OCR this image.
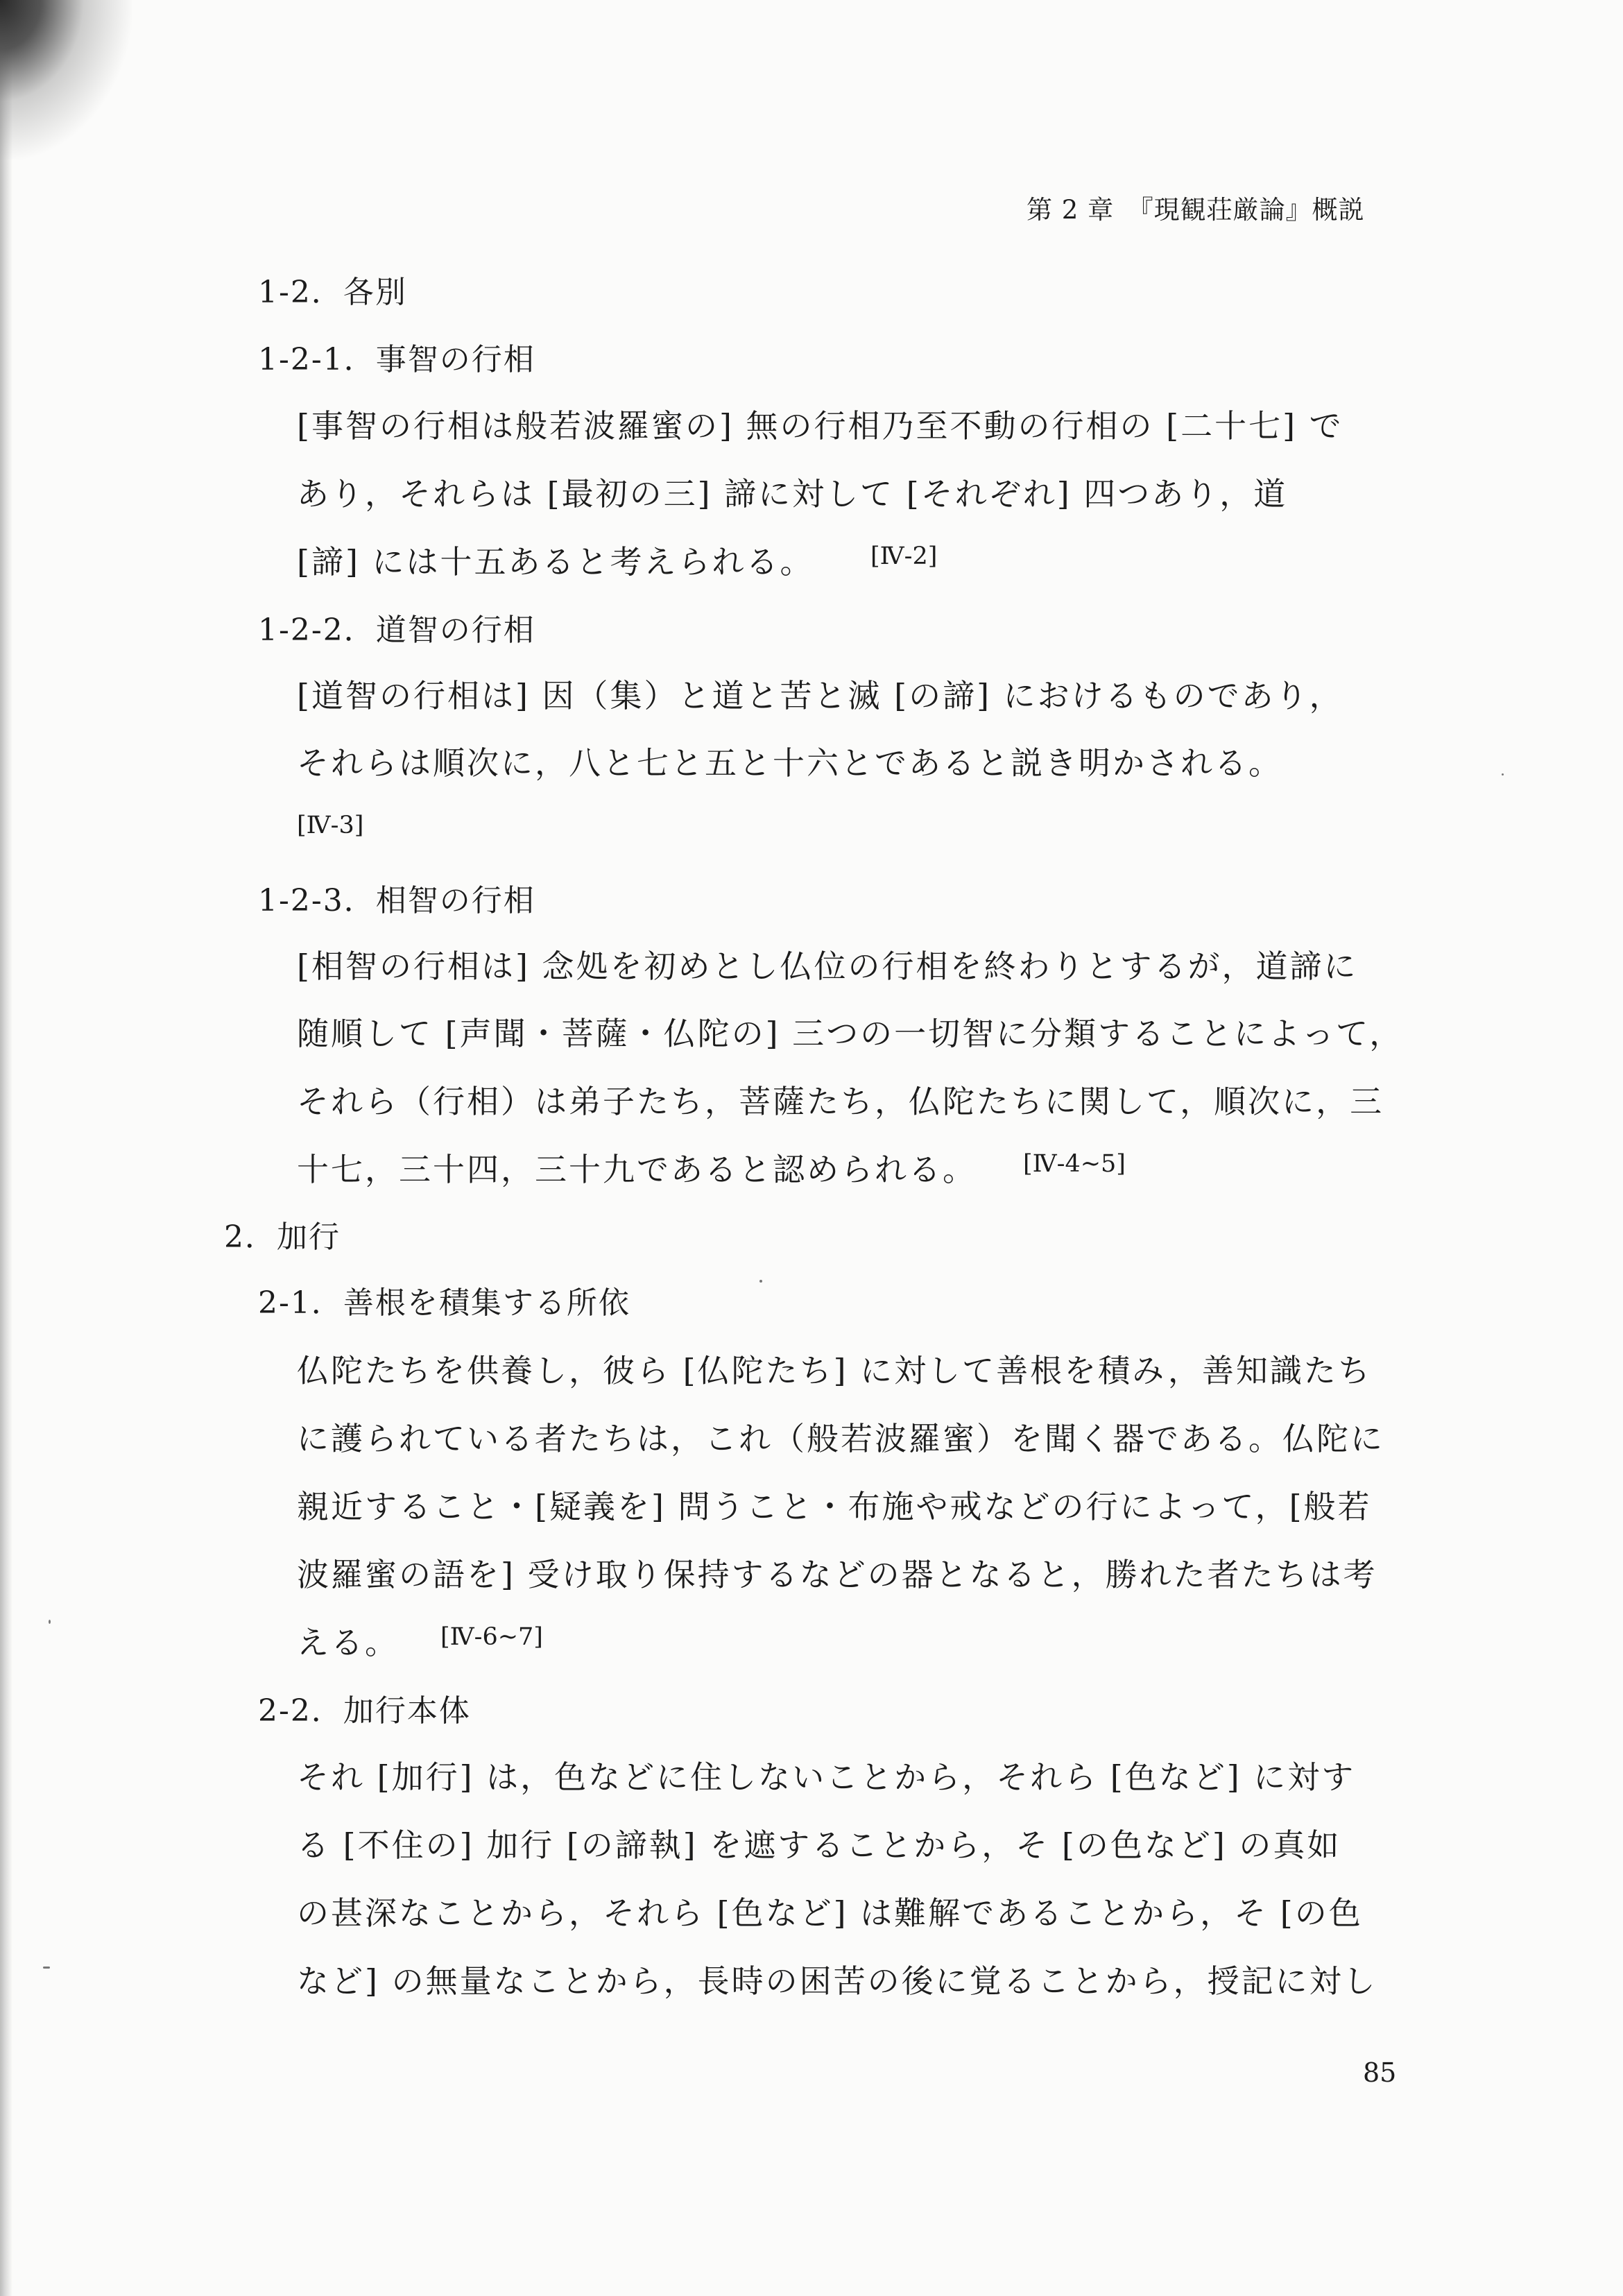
第 2 章　『現観荘厳論』概説
1-2．各別
1-2-1．事智の行相
[事智の行相は般若波羅蜜の] 無の行相乃至不動の行相の [二十七] で
あり，それらは [最初の三] 諦に対して [それぞれ] 四つあり，道
[諦] には十五あると考えられる。 [Ⅳ-2]
1-2-2．道智の行相
[道智の行相は] 因（集）と道と苦と滅 [の諦] におけるものであり，
それらは順次に，八と七と五と十六とであると説き明かされる。
[Ⅳ-3]
1-2-3．相智の行相
[相智の行相は] 念処を初めとし仏位の行相を終わりとするが，道諦に
随順して [声聞・菩薩・仏陀の] 三つの一切智に分類することによって，
それら（行相）は弟子たち，菩薩たち，仏陀たちに関して，順次に，三
十七，三十四，三十九であると認められる。 [Ⅳ-4~5]
2．加行
2-1．善根を積集する所依
仏陀たちを供養し，彼ら [仏陀たち] に対して善根を積み，善知識たち
に護られている者たちは，これ（般若波羅蜜）を聞く器である。仏陀に
親近すること・[疑義を] 問うこと・布施や戒などの行によって，[般若
波羅蜜の語を] 受け取り保持するなどの器となると，勝れた者たちは考
える。 [Ⅳ-6~7]
2-2．加行本体
それ [加行] は，色などに住しないことから，それら [色など] に対す
る [不住の] 加行 [の諦執] を遮することから，そ [の色など] の真如
の甚深なことから，それら [色など] は難解であることから，そ [の色
など] の無量なことから，長時の困苦の後に覚ることから，授記に対し
85
